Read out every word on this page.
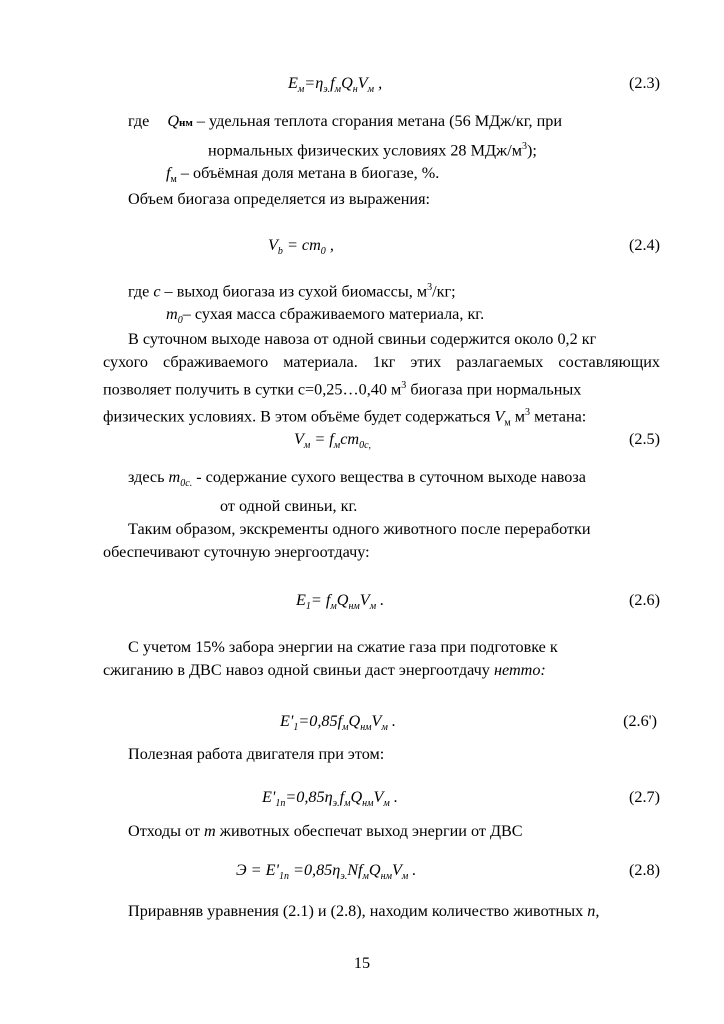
$E_м=\eta_{э.}f_мQ_нV_м$ ,	(2.3)
где Qнм – удельная теплота сгорания метана (56 МДж/кг, при
нормальных физических условиях 28 МДж/$м^3$);
$f_м$ – объёмная доля метана в биогазе, %.
Объем биогаза определяется из выражения:
$V_b = cm_0$ ,	(2.4)
где c – выход биогаза из сухой биомассы, $м^3/кг$;
$m_0-$ сухая масса сбраживаемого материала, кг.
В суточном выходе навоза от одной свиньи содержится около 0,2 кг
сухого сбраживаемого материала. 1кг этих разлагаемых составляющих
позволяет получить в сутки с=0,25…0,40 $м^3$ биогаза при нормальных
физических условиях. В этом объёме будет содержаться $V_м$ $м^3$ метана:
$V_м = f_мcm_{0с,}$	(2.5)
здесь $m_{0с.}$ - содержание сухого вещества в суточном выходе навоза
от одной свиньи, кг.
Таким образом, экскременты одного животного после переработки
обеспечивают суточную энергоотдачу:
$E_1= f_мQ_{нм}V_м$ .	(2.6)
С учетом 15% забора энергии на сжатие газа при подготовке к
сжиганию в ДВС навоз одной свиньи даст энергоотдачу нетто:
$E'_1=0,85f_мQ_{нм}V_м$ .	(2.6')
Полезная работа двигателя при этом:
$E'_{1n}=0,85\eta_{э.}f_мQ_{нм}V_м$ .	(2.7)
Отходы от т животных обеспечат выход энергии от ДВС
$Э = E'_{1n} =0,85\eta_{э.}Nf_мQ_{нм}V_м$ .	(2.8)
Приравняв уравнения (2.1) и (2.8), находим количество животных n,
15
